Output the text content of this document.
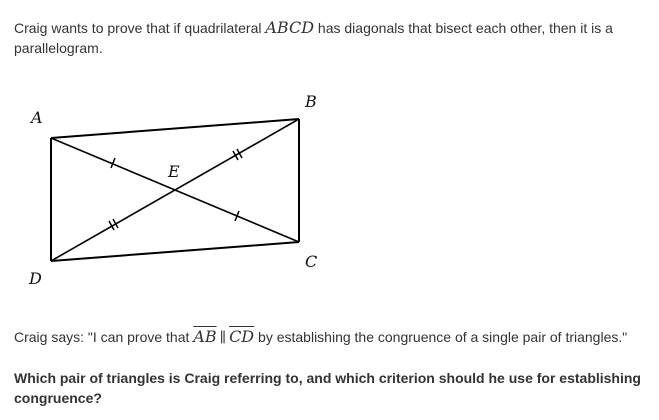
Craig wants to prove that if quadrilateral ABCD has diagonals that bisect each other, then it is a parallelogram.
A
B
C
D
E
Craig says: "I can prove that $\overline{AB}$ ∥ $\overline{CD}$ by establishing the congruence of a single pair of triangles."
Which pair of triangles is Craig referring to, and which criterion should he use for establishing congruence?
